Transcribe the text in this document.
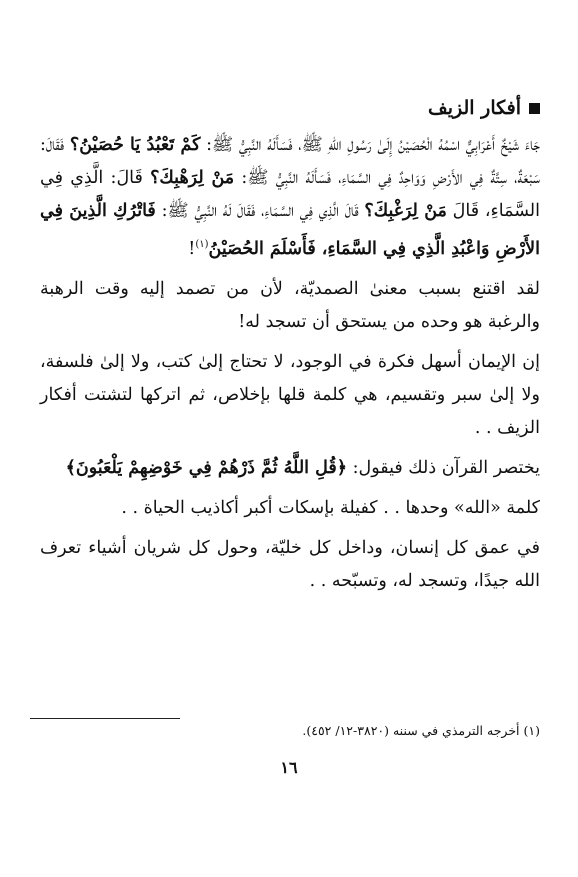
أفكار الزيف

جَاءَ شَيْخٌ أَعْرَابِيٌّ اسْمُهُ الْحُصَيْنُ إِلَىٰ رَسُولِ اللهِ ﷺ، فَسَأَلَهُ النَّبِيُّ ﷺ: كَمْ تَعْبُدُ يَا حُصَيْنُ؟ فَقَالَ: سَبْعَةٌ، سِتَّةٌ فِي الأَرْضِ وَوَاحِدٌ فِي السَّمَاءِ، فَسَأَلَهُ النَّبِيُّ ﷺ: مَنْ لِرَهْبِكَ؟ قَالَ: الَّذِي فِي السَّمَاءِ، قَالَ مَنْ لِرَغْبِكَ؟ قَالَ الَّذِي فِي السَّمَاءِ، فَقَالَ لَهُ النَّبِيُّ ﷺ: فَاتْرُكِ الَّذِينَ فِي الأَرْضِ وَاعْبُدِ الَّذِي فِي السَّمَاءِ، فَأَسْلَمَ الحُصَيْنُ$^{(١)}$!

لقد اقتنع بسبب معنىٰ الصمديّة، لأن من تصمد إليه وقت الرهبة والرغبة هو وحده من يستحق أن تسجد له!

إن الإيمان أسهل فكرة في الوجود، لا تحتاج إلىٰ كتب، ولا إلىٰ فلسفة، ولا إلىٰ سبر وتقسيم، هي كلمة قلها بإخلاص، ثم اتركها لتشتت أفكار الزيف . .

يختصر القرآن ذلك فيقول: ﴿قُلِ اللَّهُ ثُمَّ ذَرْهُمْ فِي خَوْضِهِمْ يَلْعَبُونَ﴾

كلمة «الله» وحدها . . كفيلة بإسكات أكبر أكاذيب الحياة . .

في عمق كل إنسان، وداخل كل خليّة، وحول كل شريان أشياء تعرف الله جيدًا، وتسجد له، وتسبّحه . .

(١) أخرجه الترمذي في سننه (٣٨٢٠-١٢/ ٤٥٢).
١٦
